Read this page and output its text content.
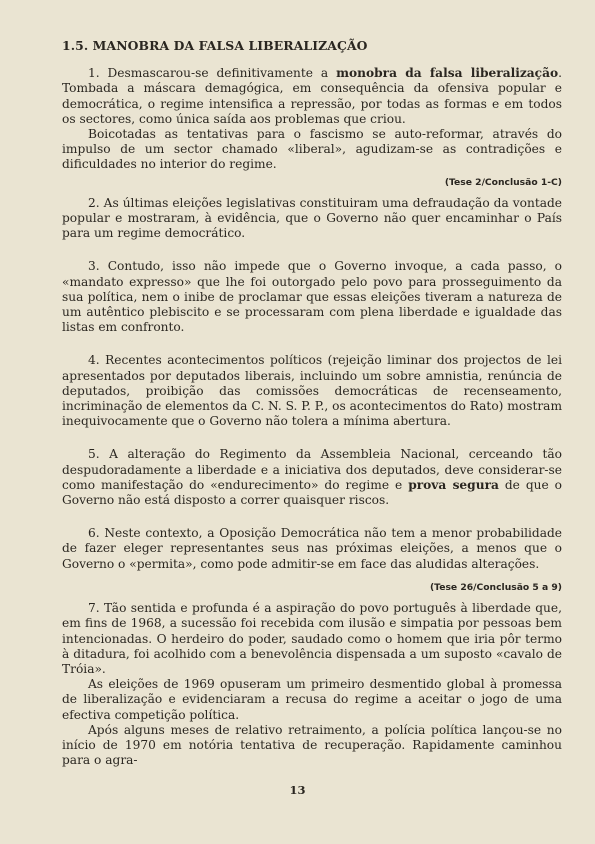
1.5. MANOBRA DA FALSA LIBERALIZAÇÃO

1. Desmascarou-se definitivamente a monobra da falsa liberalização. Tombada a máscara demagógica, em consequência da ofensiva popular e democrática, o regime intensifica a repressão, por todas as formas e em todos os sectores, como única saída aos problemas que criou.

Boicotadas as tentativas para o fascismo se auto-reformar, através do impulso de um sector chamado «liberal», agudizam-se as contradições e dificuldades no interior do regime.

(Tese 2/Conclusão 1-C)

2. As últimas eleições legislativas constituiram uma defraudação da vontade popular e mostraram, à evidência, que o Governo não quer encaminhar o País para um regime democrático.

3. Contudo, isso não impede que o Governo invoque, a cada passo, o «mandato expresso» que lhe foi outorgado pelo povo para prosseguimento da sua política, nem o inibe de proclamar que essas eleições tiveram a natureza de um autêntico plebiscito e se processaram com plena liberdade e igualdade das listas em confronto.

4. Recentes acontecimentos políticos (rejeição liminar dos projectos de lei apresentados por deputados liberais, incluindo um sobre amnistia, renúncia de deputados, proibição das comissões democráticas de recenseamento, incriminação de elementos da C. N. S. P. P., os acontecimentos do Rato) mostram inequivocamente que o Governo não tolera a mínima abertura.

5. A alteração do Regimento da Assembleia Nacional, cerceando tão despudoradamente a liberdade e a iniciativa dos deputados, deve considerar-se como manifestação do «endurecimento» do regime e prova segura de que o Governo não está disposto a correr quaisquer riscos.

6. Neste contexto, a Oposição Democrática não tem a menor probabilidade de fazer eleger representantes seus nas próximas eleições, a menos que o Governo o «permita», como pode admitir-se em face das aludidas alterações.

(Tese 26/Conclusão 5 a 9)

7. Tão sentida e profunda é a aspiração do povo português à liberdade que, em fins de 1968, a sucessão foi recebida com ilusão e simpatia por pessoas bem intencionadas. O herdeiro do poder, saudado como o homem que iria pôr termo à ditadura, foi acolhido com a benevolência dispensada a um suposto «cavalo de Tróia».

As eleições de 1969 opuseram um primeiro desmentido global à promessa de liberalização e evidenciaram a recusa do regime a aceitar o jogo de uma efectiva competição política.

Após alguns meses de relativo retraimento, a polícia política lançou-se no início de 1970 em notória tentativa de recuperação. Rapidamente caminhou para o agra-

13
